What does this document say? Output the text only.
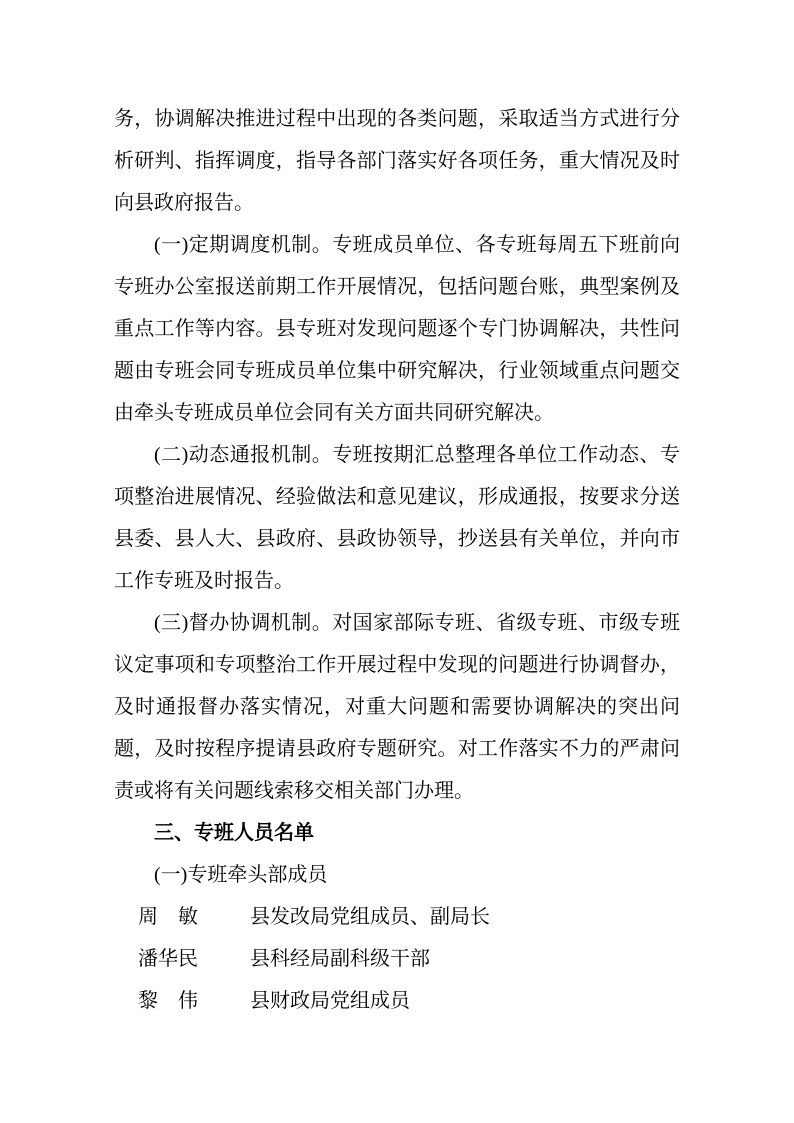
务，协调解决推进过程中出现的各类问题，采取适当方式进行分析研判、指挥调度，指导各部门落实好各项任务，重大情况及时向县政府报告。

(一)定期调度机制。专班成员单位、各专班每周五下班前向专班办公室报送前期工作开展情况，包括问题台账，典型案例及重点工作等内容。县专班对发现问题逐个专门协调解决，共性问题由专班会同专班成员单位集中研究解决，行业领域重点问题交由牵头专班成员单位会同有关方面共同研究解决。

(二)动态通报机制。专班按期汇总整理各单位工作动态、专项整治进展情况、经验做法和意见建议，形成通报，按要求分送县委、县人大、县政府、县政协领导，抄送县有关单位，并向市工作专班及时报告。

(三)督办协调机制。对国家部际专班、省级专班、市级专班议定事项和专项整治工作开展过程中发现的问题进行协调督办，及时通报督办落实情况，对重大问题和需要协调解决的突出问题，及时按程序提请县政府专题研究。对工作落实不力的严肃问责或将有关问题线索移交相关部门办理。

三、专班人员名单

(一)专班牵头部成员

周　敏	县发改局党组成员、副局长
潘华民	县科经局副科级干部
黎　伟	县财政局党组成员
